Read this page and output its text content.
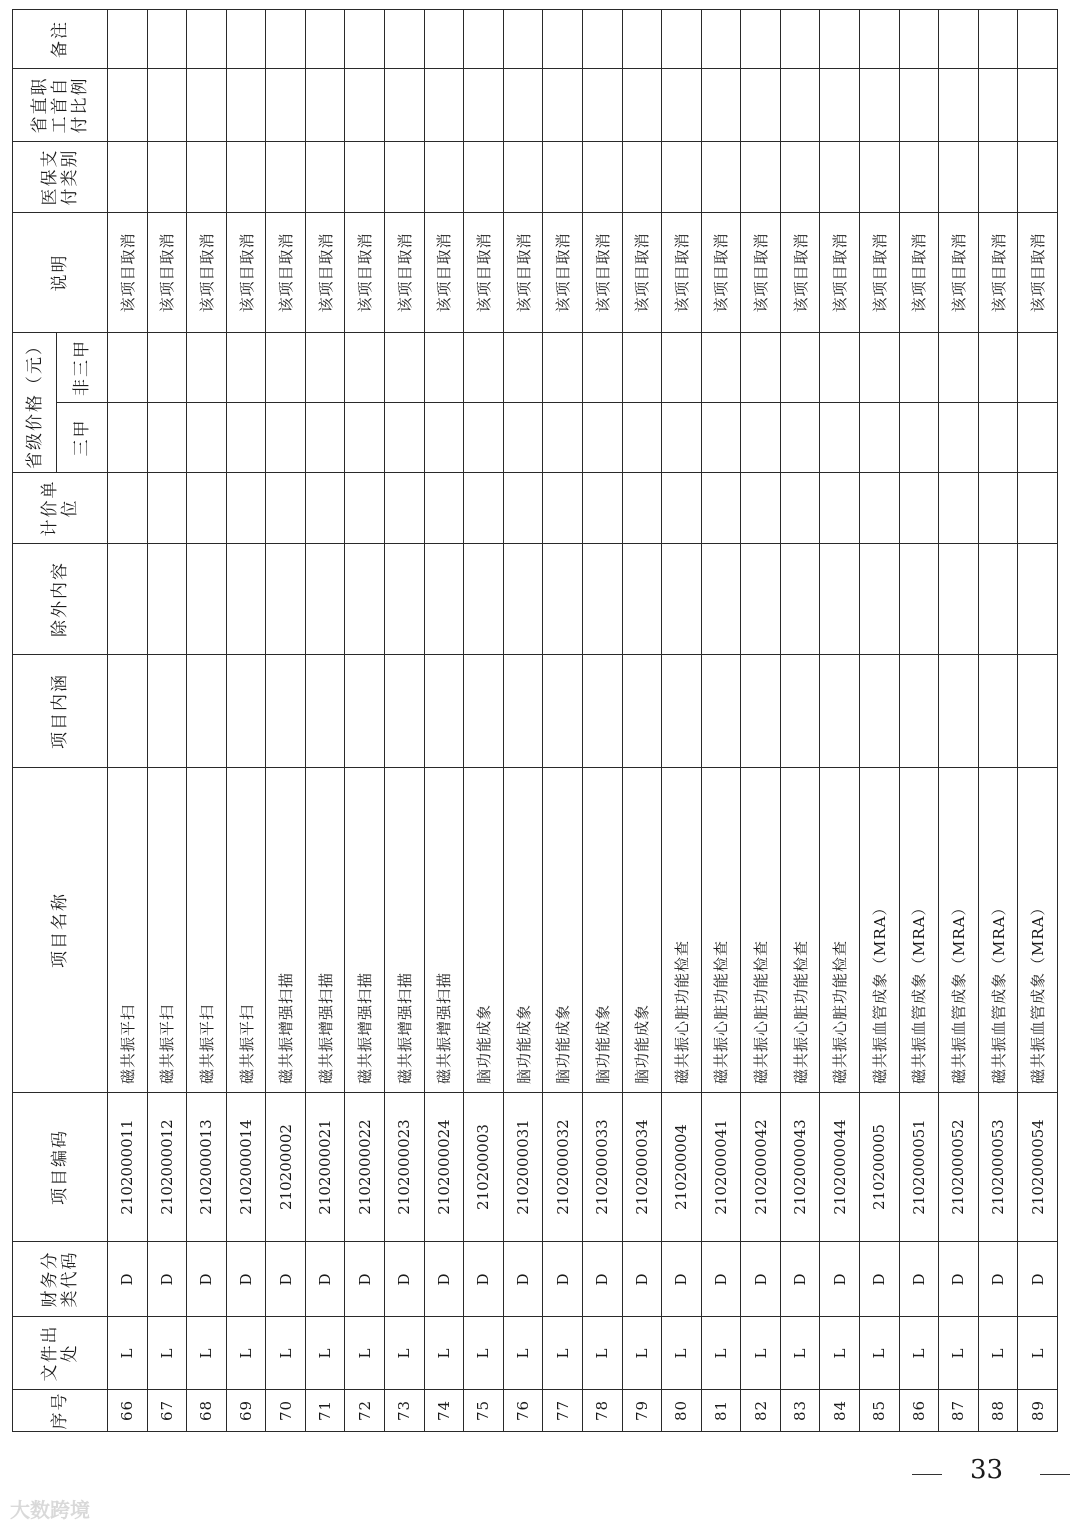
序号	文件出处	财务分类代码	项目编码	项目名称	项目内涵	除外内容	计价单位	省级价格（元）		说明	医保支付类别	省直职工首自付比例	备注
								三甲	非三甲				
66	L	D	2102000011	磁共振平扫						该项目取消			
67	L	D	2102000012	磁共振平扫						该项目取消			
68	L	D	2102000013	磁共振平扫						该项目取消			
69	L	D	2102000014	磁共振平扫						该项目取消			
70	L	D	210200002	磁共振增强扫描						该项目取消			
71	L	D	2102000021	磁共振增强扫描						该项目取消			
72	L	D	2102000022	磁共振增强扫描						该项目取消			
73	L	D	2102000023	磁共振增强扫描						该项目取消			
74	L	D	2102000024	磁共振增强扫描						该项目取消			
75	L	D	210200003	脑功能成象						该项目取消			
76	L	D	2102000031	脑功能成象						该项目取消			
77	L	D	2102000032	脑功能成象						该项目取消			
78	L	D	2102000033	脑功能成象						该项目取消			
79	L	D	2102000034	脑功能成象						该项目取消			
80	L	D	210200004	磁共振心脏功能检查						该项目取消			
81	L	D	2102000041	磁共振心脏功能检查						该项目取消			
82	L	D	2102000042	磁共振心脏功能检查						该项目取消			
83	L	D	2102000043	磁共振心脏功能检查						该项目取消			
84	L	D	2102000044	磁共振心脏功能检查						该项目取消			
85	L	D	210200005	磁共振血管成象（MRA）						该项目取消			
86	L	D	2102000051	磁共振血管成象（MRA）						该项目取消			
87	L	D	2102000052	磁共振血管成象（MRA）						该项目取消			
88	L	D	2102000053	磁共振血管成象（MRA）						该项目取消			
89	L	D	2102000054	磁共振血管成象（MRA）						该项目取消			
33
大数跨境
